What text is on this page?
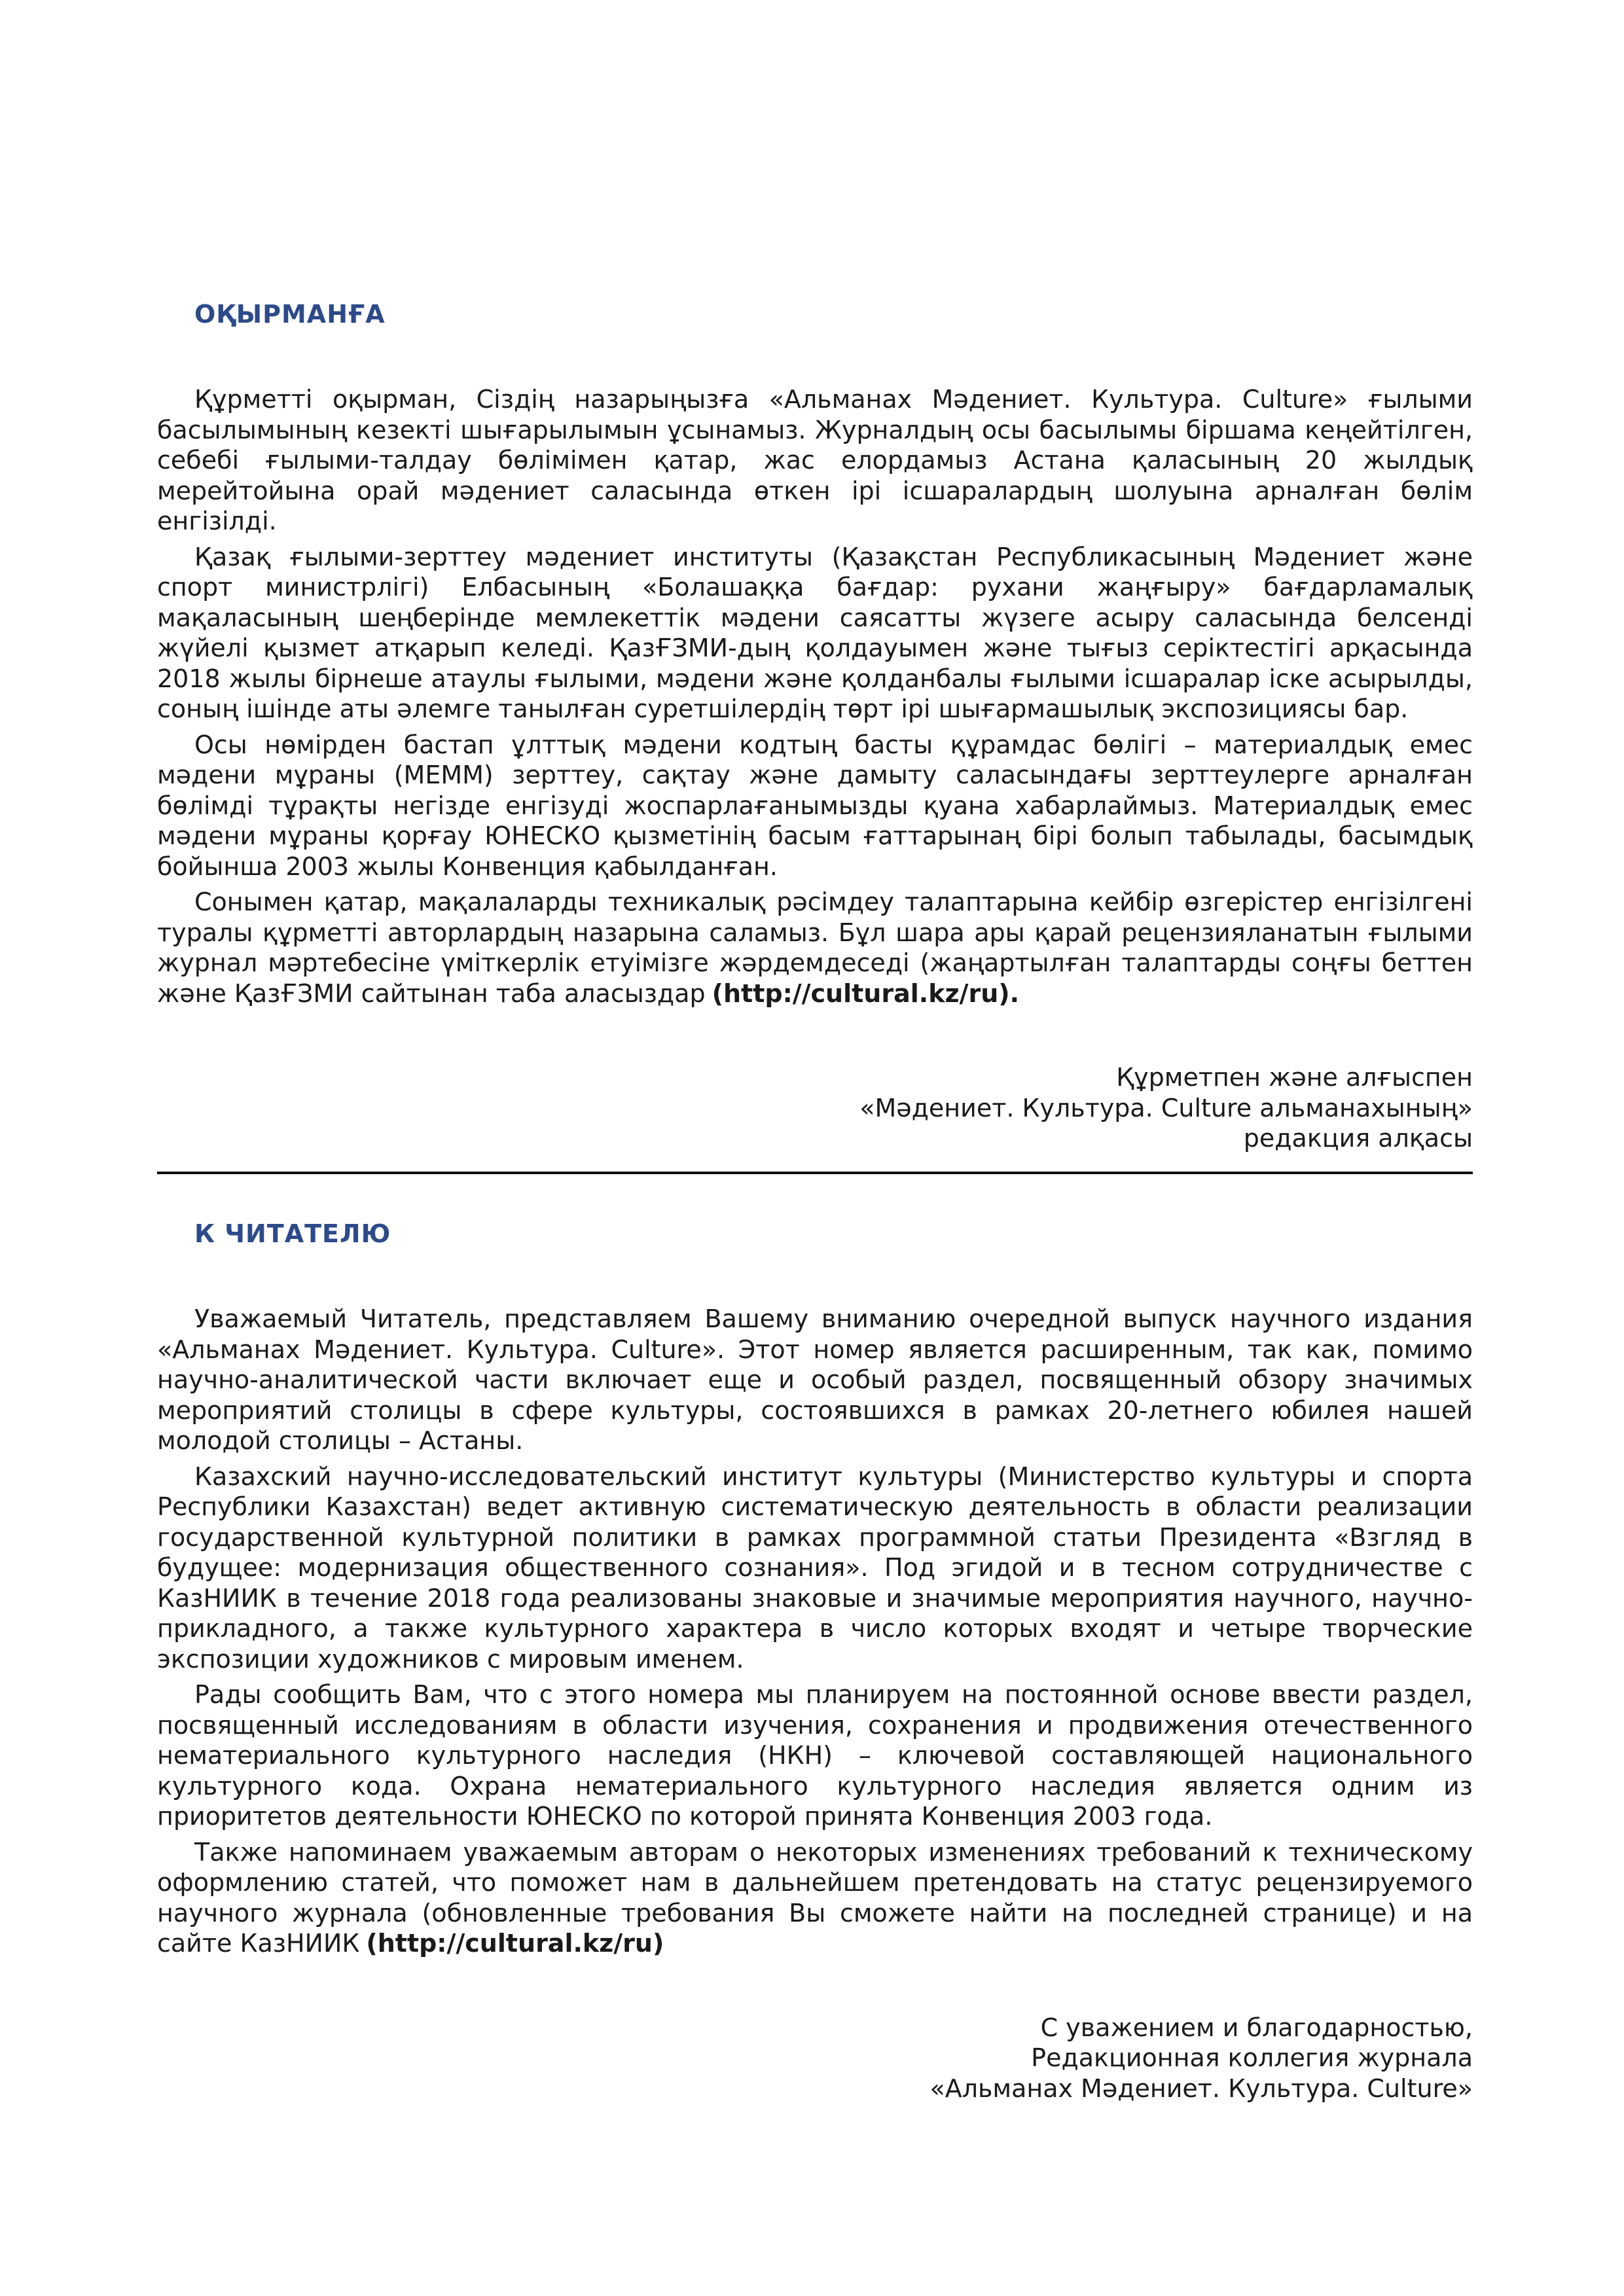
ОҚЫРМАНҒА

Құрметті оқырман, Сіздің назарыңызға «Альманах Мәдениет. Культура. Culture» ғылыми басылымының кезекті шығарылымын ұсынамыз. Журналдың осы басылымы біршама кеңейтілген, себебі ғылыми-талдау бөлімімен қатар, жас елордамыз Астана қаласының 20 жылдық мерейтойына орай мәдениет саласында өткен ірі ісшаралардың шолуына арналған бөлім енгізілді.

Қазақ ғылыми-зерттеу мәдениет институты (Қазақстан Республикасының Мәдениет және спорт министрлігі) Елбасының «Болашаққа бағдар: рухани жаңғыру» бағдарламалық мақаласының шеңберінде мемлекеттік мәдени саясатты жүзеге асыру саласында белсенді жүйелі қызмет атқарып келеді. ҚазҒЗМИ-дың қолдауымен және тығыз серіктестігі арқасында 2018 жылы бірнеше атаулы ғылыми, мәдени және қолданбалы ғылыми ісшаралар іске асырылды, соның ішінде аты әлемге танылған суретшілердің төрт ірі шығармашылық экспозициясы бар.

Осы нөмірден бастап ұлттық мәдени кодтың басты құрамдас бөлігі – материалдық емес мәдени мұраны (МЕММ) зерттеу, сақтау және дамыту саласындағы зерттеулерге арналған бөлімді тұрақты негізде енгізуді жоспарлағанымызды қуана хабарлаймыз. Материалдық емес мәдени мұраны қорғау ЮНЕСКО қызметінің басым ғаттарынаң бірі болып табылады, басымдық бойынша 2003 жылы Конвенция қабылданған.

Сонымен қатар, мақалаларды техникалық рәсімдеу талаптарына кейбір өзгерістер енгізілгені туралы құрметті авторлардың назарына саламыз. Бұл шара ары қарай рецензияланатын ғылыми журнал мәртебесіне үміткерлік етуімізге жәрдемдеседі (жаңартылған талаптарды соңғы беттен және ҚазҒЗМИ сайтынан таба аласыздар (http://cultural.kz/ru).

Құрметпен және алғыспен
«Мәдениет. Культура. Culture альманахының»
редакция алқасы
К ЧИТАТЕЛЮ

Уважаемый Читатель, представляем Вашему вниманию очередной выпуск научного издания «Альманах Мәдениет. Культура. Culture». Этот номер является расширенным, так как, помимо научно-аналитической части включает еще и особый раздел, посвященный обзору значимых мероприятий столицы в сфере культуры, состоявшихся в рамках 20-летнего юбилея нашей молодой столицы – Астаны.

Казахский научно-исследовательский институт культуры (Министерство культуры и спорта Республики Казахстан) ведет активную систематическую деятельность в области реализации государственной культурной политики в рамках программной статьи Президента «Взгляд в будущее: модернизация общественного сознания». Под эгидой и в тесном сотрудничестве с КазНИИК в течение 2018 года реализованы знаковые и значимые мероприятия научного, научно-прикладного, а также культурного характера в число которых входят и четыре творческие экспозиции художников с мировым именем.

Рады сообщить Вам, что с этого номера мы планируем на постоянной основе ввести раздел, посвященный исследованиям в области изучения, сохранения и продвижения отечественного нематериального культурного наследия (НКН) – ключевой составляющей национального культурного кода. Охрана нематериального культурного наследия является одним из приоритетов деятельности ЮНЕСКО по которой принята Конвенция 2003 года.

Также напоминаем уважаемым авторам о некоторых изменениях требований к техническому оформлению статей, что поможет нам в дальнейшем претендовать на статус рецензируемого научного журнала (обновленные требования Вы сможете найти на последней странице) и на сайте КазНИИК (http://cultural.kz/ru)

С уважением и благодарностью,
Редакционная коллегия журнала
«Альманах Мәдениет. Культура. Culture»
